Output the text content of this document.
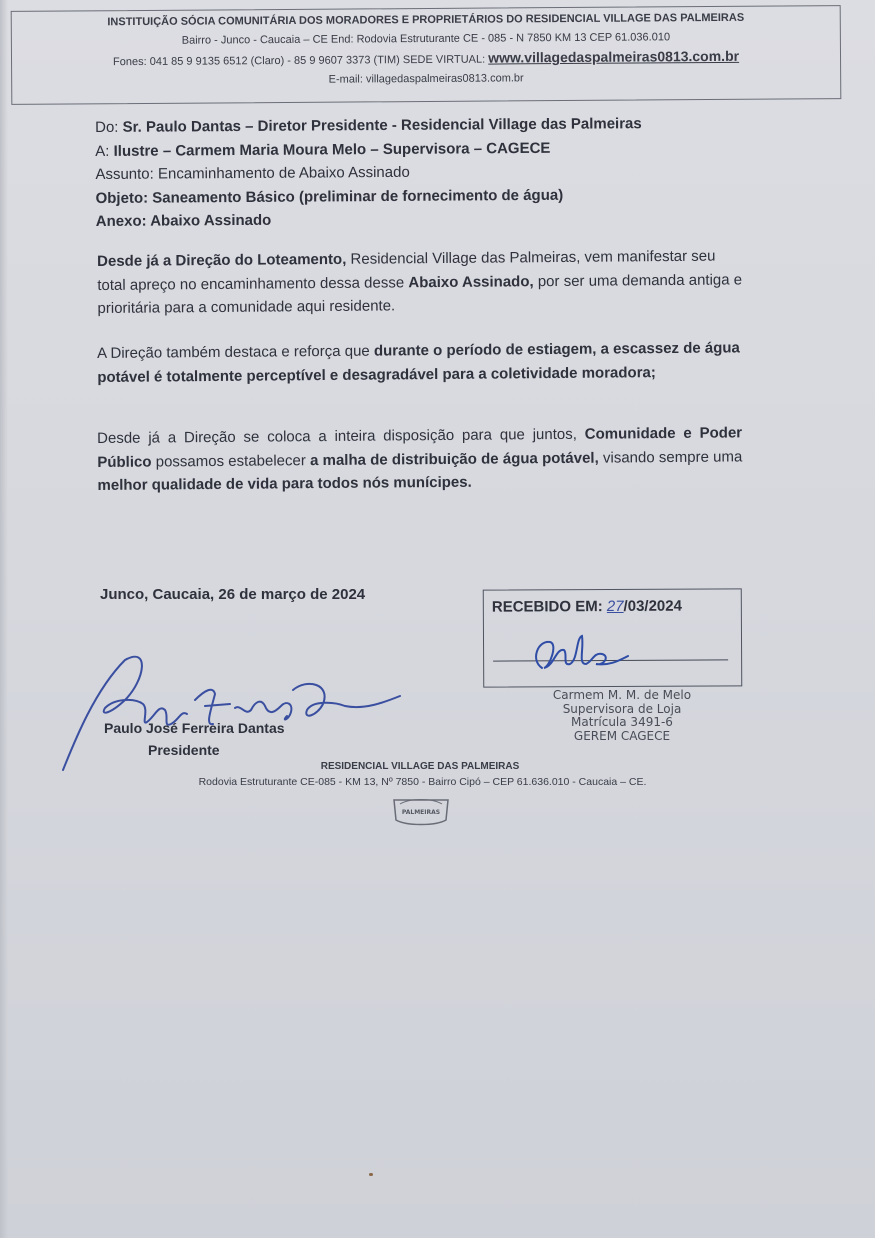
INSTITUIÇÃO SÓCIA COMUNITÁRIA DOS MORADORES E PROPRIETÁRIOS DO RESIDENCIAL VILLAGE DAS PALMEIRAS
Bairro - Junco - Caucaia – CE End: Rodovia Estruturante CE - 085 - N 7850 KM 13 CEP 61.036.010
Fones: 041 85 9 9135 6512 (Claro) - 85 9 9607 3373 (TIM) SEDE VIRTUAL: www.villagedaspalmeiras0813.com.br
E-mail: villagedaspalmeiras0813.com.br
Do: Sr. Paulo Dantas – Diretor Presidente - Residencial Village das Palmeiras
A: Ilustre – Carmem Maria Moura Melo – Supervisora – CAGECE
Assunto: Encaminhamento de Abaixo Assinado
Objeto: Saneamento Básico (preliminar de fornecimento de água)
Anexo: Abaixo Assinado
Desde já a Direção do Loteamento, Residencial Village das Palmeiras, vem manifestar seu total apreço no encaminhamento dessa desse Abaixo Assinado, por ser uma demanda antiga e prioritária para a comunidade aqui residente.
A Direção também destaca e reforça que durante o período de estiagem, a escassez de água potável é totalmente perceptível e desagradável para a coletividade moradora;
Desde já a Direção se coloca a inteira disposição para que juntos, Comunidade e Poder Público possamos estabelecer a malha de distribuição de água potável, visando sempre uma melhor qualidade de vida para todos nós munícipes.
Junco, Caucaia, 26 de março de 2024
RECEBIDO EM: 27/03/2024
Carmem M. M. de Melo
Supervisora de Loja
Matrícula 3491-6
GEREM CAGECE
Paulo José Ferreira Dantas
Presidente
RESIDENCIAL VILLAGE DAS PALMEIRAS
Rodovia Estruturante CE-085 - KM 13, Nº 7850 - Bairro Cipó – CEP 61.636.010 - Caucaia – CE.
PALMEIRAS
